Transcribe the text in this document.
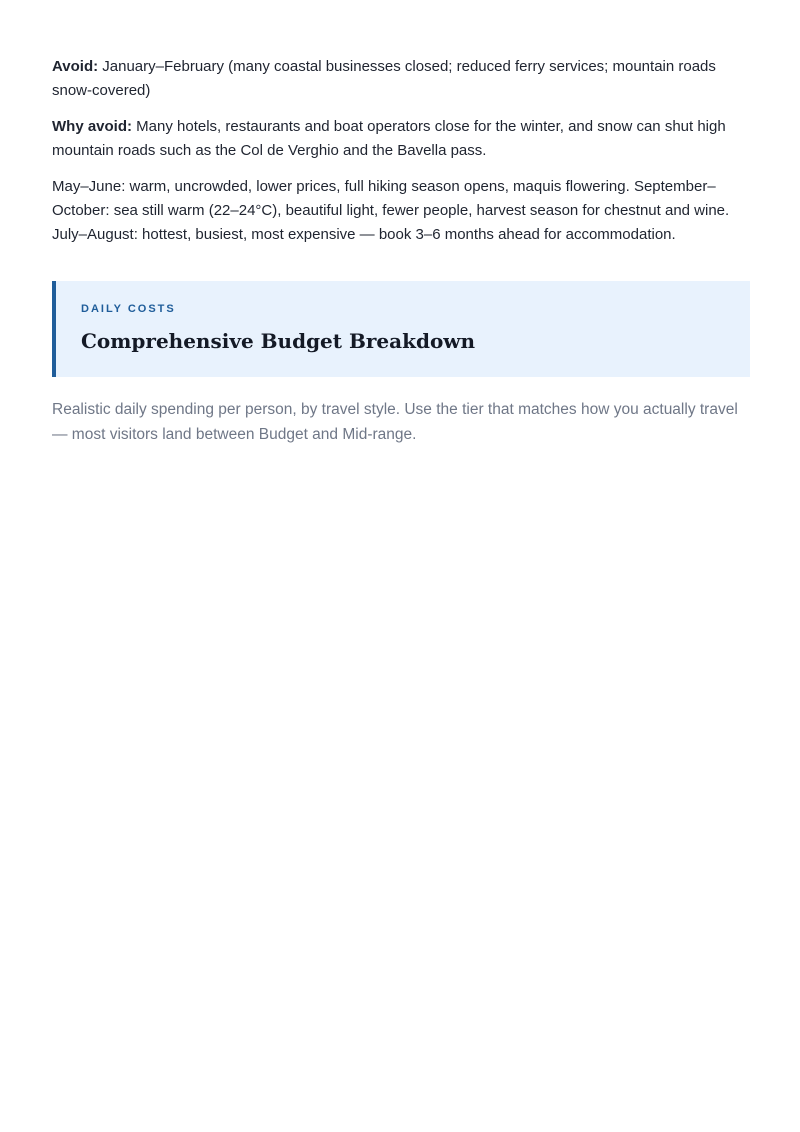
Avoid: January–February (many coastal businesses closed; reduced ferry services; mountain roads snow-covered)

Why avoid: Many hotels, restaurants and boat operators close for the winter, and snow can shut high mountain roads such as the Col de Verghio and the Bavella pass.

May–June: warm, uncrowded, lower prices, full hiking season opens, maquis flowering. September–October: sea still warm (22–24°C), beautiful light, fewer people, harvest season for chestnut and wine. July–August: hottest, busiest, most expensive — book 3–6 months ahead for accommodation.

DAILY COSTS
Comprehensive Budget Breakdown

Realistic daily spending per person, by travel style. Use the tier that matches how you actually travel — most visitors land between Budget and Mid-range.
